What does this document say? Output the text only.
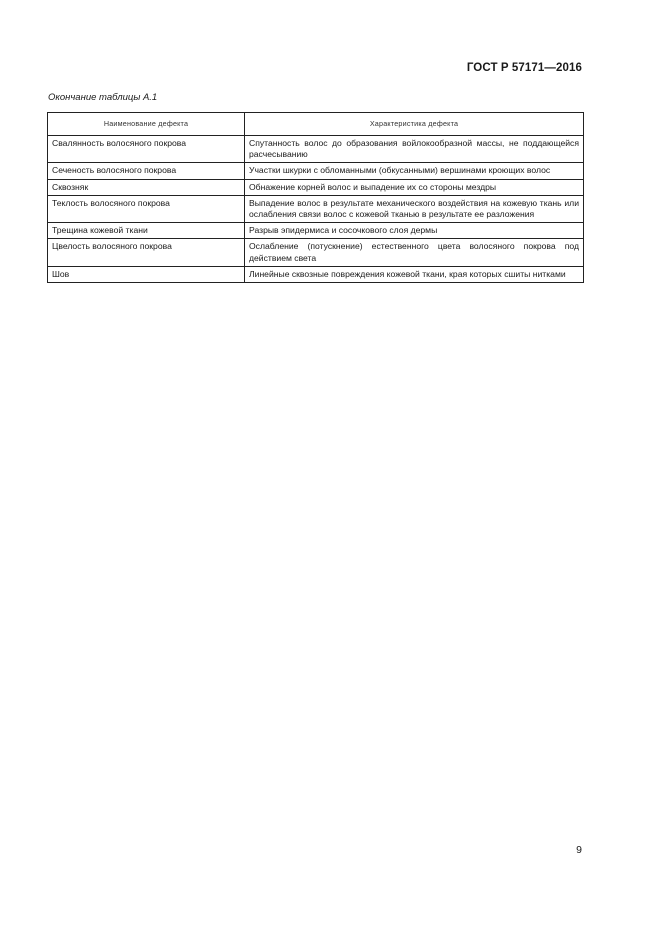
ГОСТ Р 57171—2016
Окончание таблицы А.1
Наименование дефекта	Характеристика дефекта
Свалянность волосяного покрова	Спутанность волос до образования войлокообразной массы, не поддающейся расчесыванию
Сеченость волосяного покрова	Участки шкурки с обломанными (обкусанными) вершинами кроющих волос
Сквозняк	Обнажение корней волос и выпадение их со стороны мездры
Теклость волосяного покрова	Выпадение волос в результате механического воздействия на кожевую ткань или ослабления связи волос с кожевой тканью в результате ее разложения
Трещина кожевой ткани	Разрыв эпидермиса и сосочкового слоя дермы
Цвелость волосяного покрова	Ослабление (потускнение) естественного цвета волосяного покрова под действием света
Шов	Линейные сквозные повреждения кожевой ткани, края которых сшиты нитками
9
